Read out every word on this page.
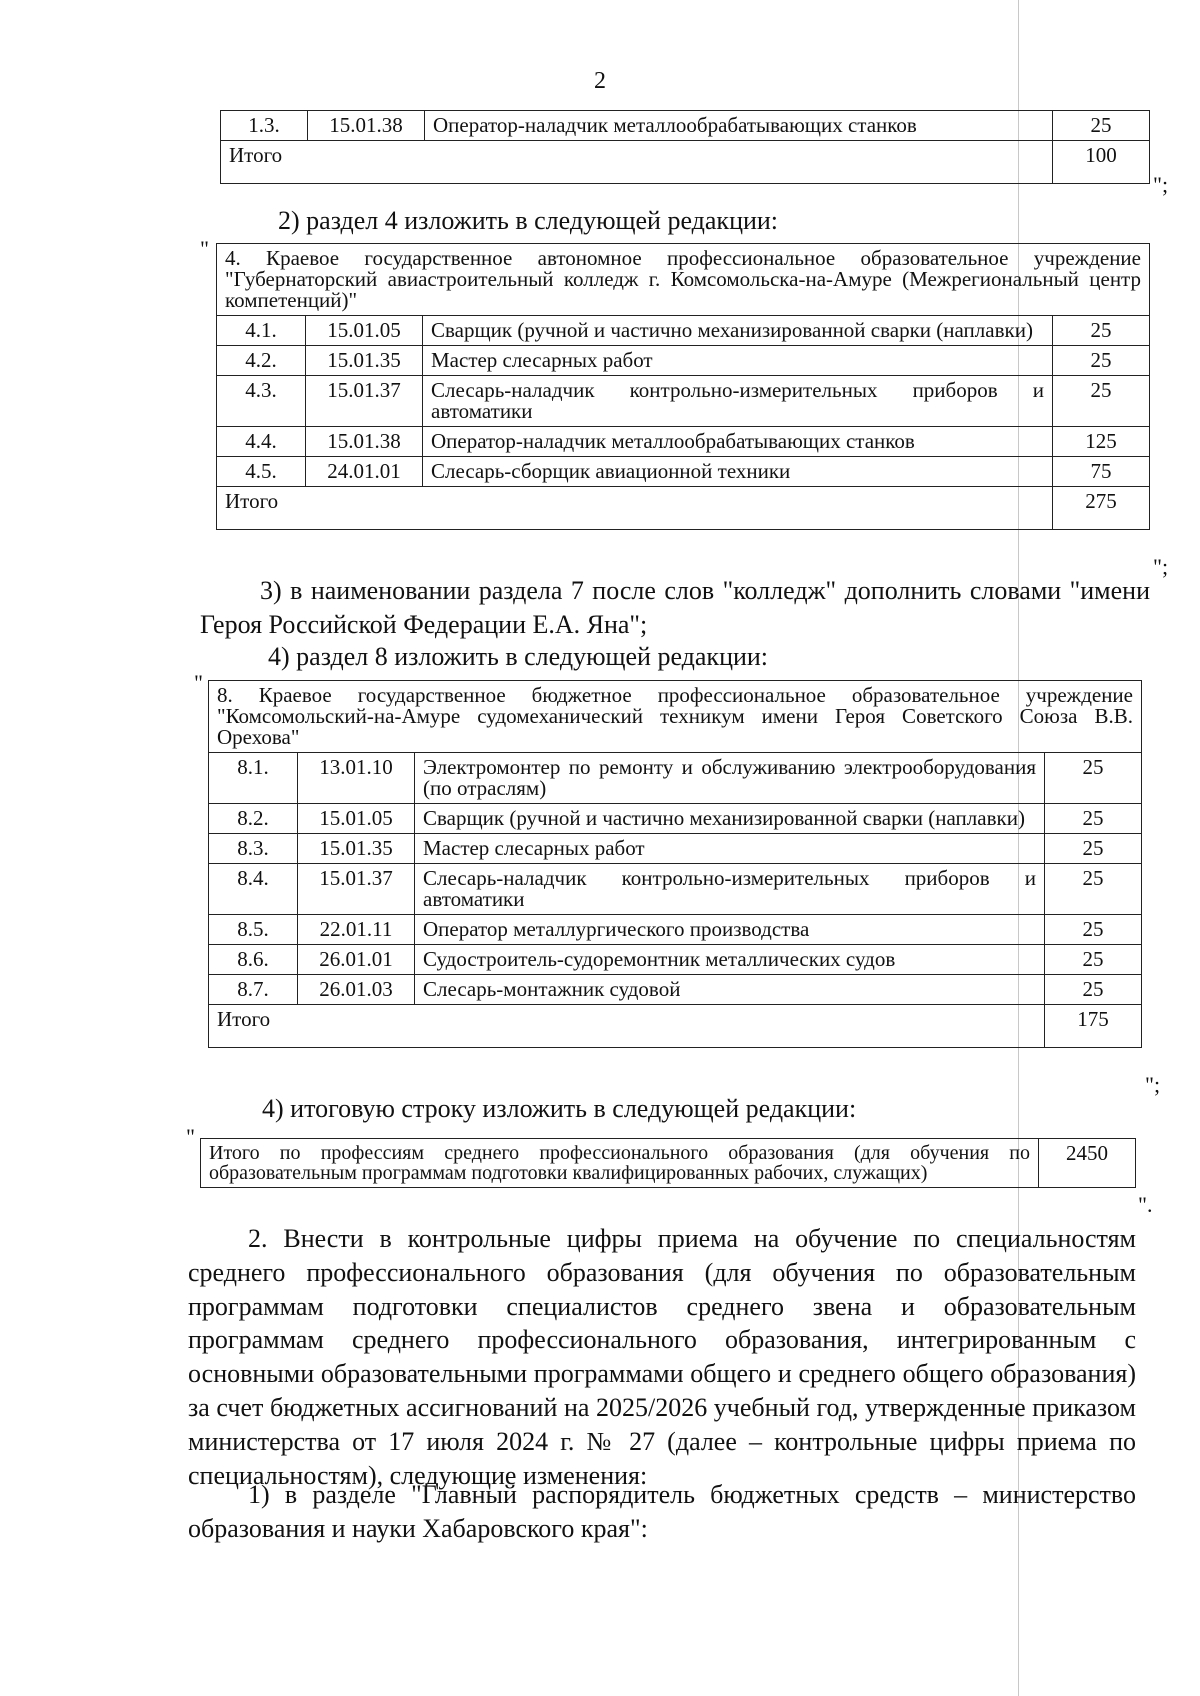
2
1.3.	15.01.38	Оператор-наладчик металлообрабатывающих станков	25
Итого			100
";
2) раздел 4 изложить в следующей редакции:
" 4. Краевое государственное автономное профессиональное образовательное учреждение "Губернаторский авиастроительный колледж г. Комсомольска-на-Амуре (Межрегиональный центр компетенций)"			
4.1.	15.01.05	Сварщик (ручной и частично механизированной сварки (наплавки)	25
4.2.	15.01.35	Мастер слесарных работ	25
4.3.	15.01.37	Слесарь-наладчик контрольно-измерительных приборов и автоматики	25
4.4.	15.01.38	Оператор-наладчик металлообрабатывающих станков	125
4.5.	24.01.01	Слесарь-сборщик авиационной техники	75
Итого			275
";
3) в наименовании раздела 7 после слов "колледж" дополнить словами "имени Героя Российской Федерации Е.А. Яна";
4) раздел 8 изложить в следующей редакции:
" 8. Краевое государственное бюджетное профессиональное образовательное учреждение "Комсомольский-на-Амуре судомеханический техникум имени Героя Советского Союза В.В. Орехова"			
8.1.	13.01.10	Электромонтер по ремонту и обслуживанию электрооборудования (по отраслям)	25
8.2.	15.01.05	Сварщик (ручной и частично механизированной сварки (наплавки)	25
8.3.	15.01.35	Мастер слесарных работ	25
8.4.	15.01.37	Слесарь-наладчик контрольно-измерительных приборов и автоматики	25
8.5.	22.01.11	Оператор металлургического производства	25
8.6.	26.01.01	Судостроитель-судоремонтник металлических судов	25
8.7.	26.01.03	Слесарь-монтажник судовой	25
Итого			175
";
4) итоговую строку изложить в следующей редакции:
"
Итого по профессиям среднего профессионального образования (для обучения по образовательным программам подготовки квалифицированных рабочих, служащих)	2450
".
2. Внести в контрольные цифры приема на обучение по специальностям среднего профессионального образования (для обучения по образовательным программам подготовки специалистов среднего звена и образовательным программам среднего профессионального образования, интегрированным с основными образовательными программами общего и среднего общего образования) за счет бюджетных ассигнований на 2025/2026 учебный год, утвержденные приказом министерства от 17 июля 2024 г. № 27 (далее – контрольные цифры приема по специальностям), следующие изменения:
1) в разделе "Главный распорядитель бюджетных средств – министерство образования и науки Хабаровского края":
